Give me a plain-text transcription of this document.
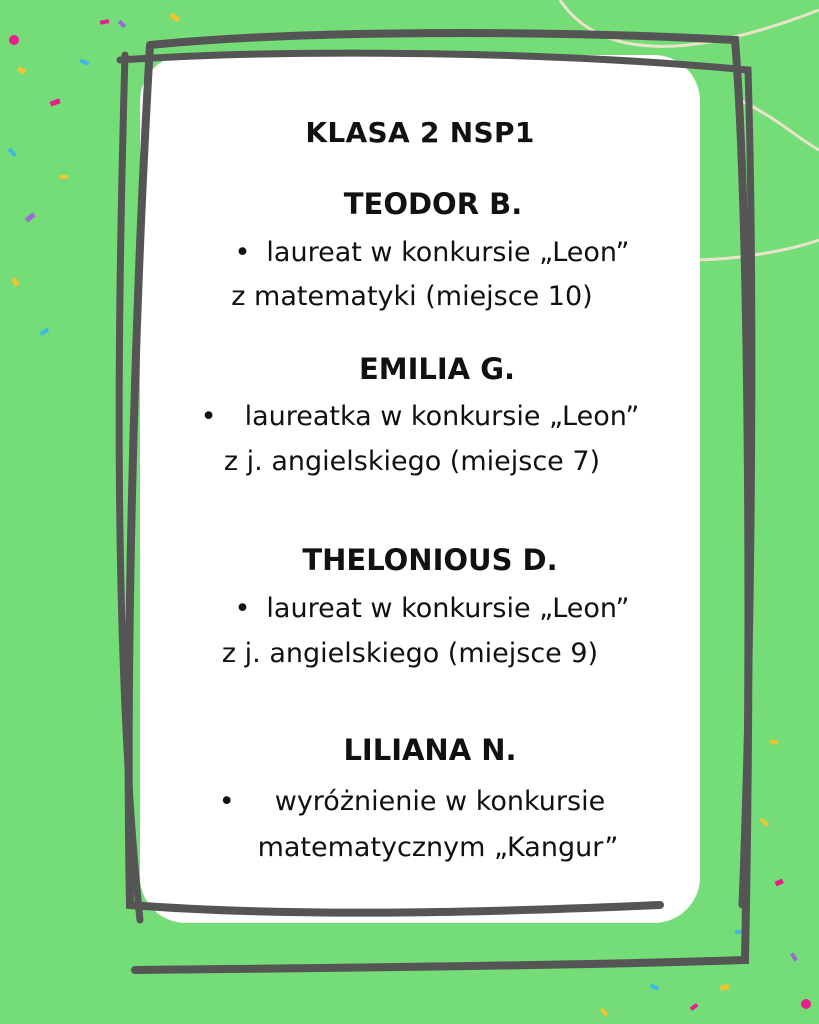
KLASA 2 NSP1
TEODOR B.
• laureat w konkursie „Leon”
z matematyki (miejsce 10)
EMILIA G.
• laureatka w konkursie „Leon”
z j. angielskiego (miejsce 7)
THELONIOUS D.
• laureat w konkursie „Leon”
z j. angielskiego (miejsce 9)
LILIANA N.
• wyróżnienie w konkursie
matematycznym „Kangur”
